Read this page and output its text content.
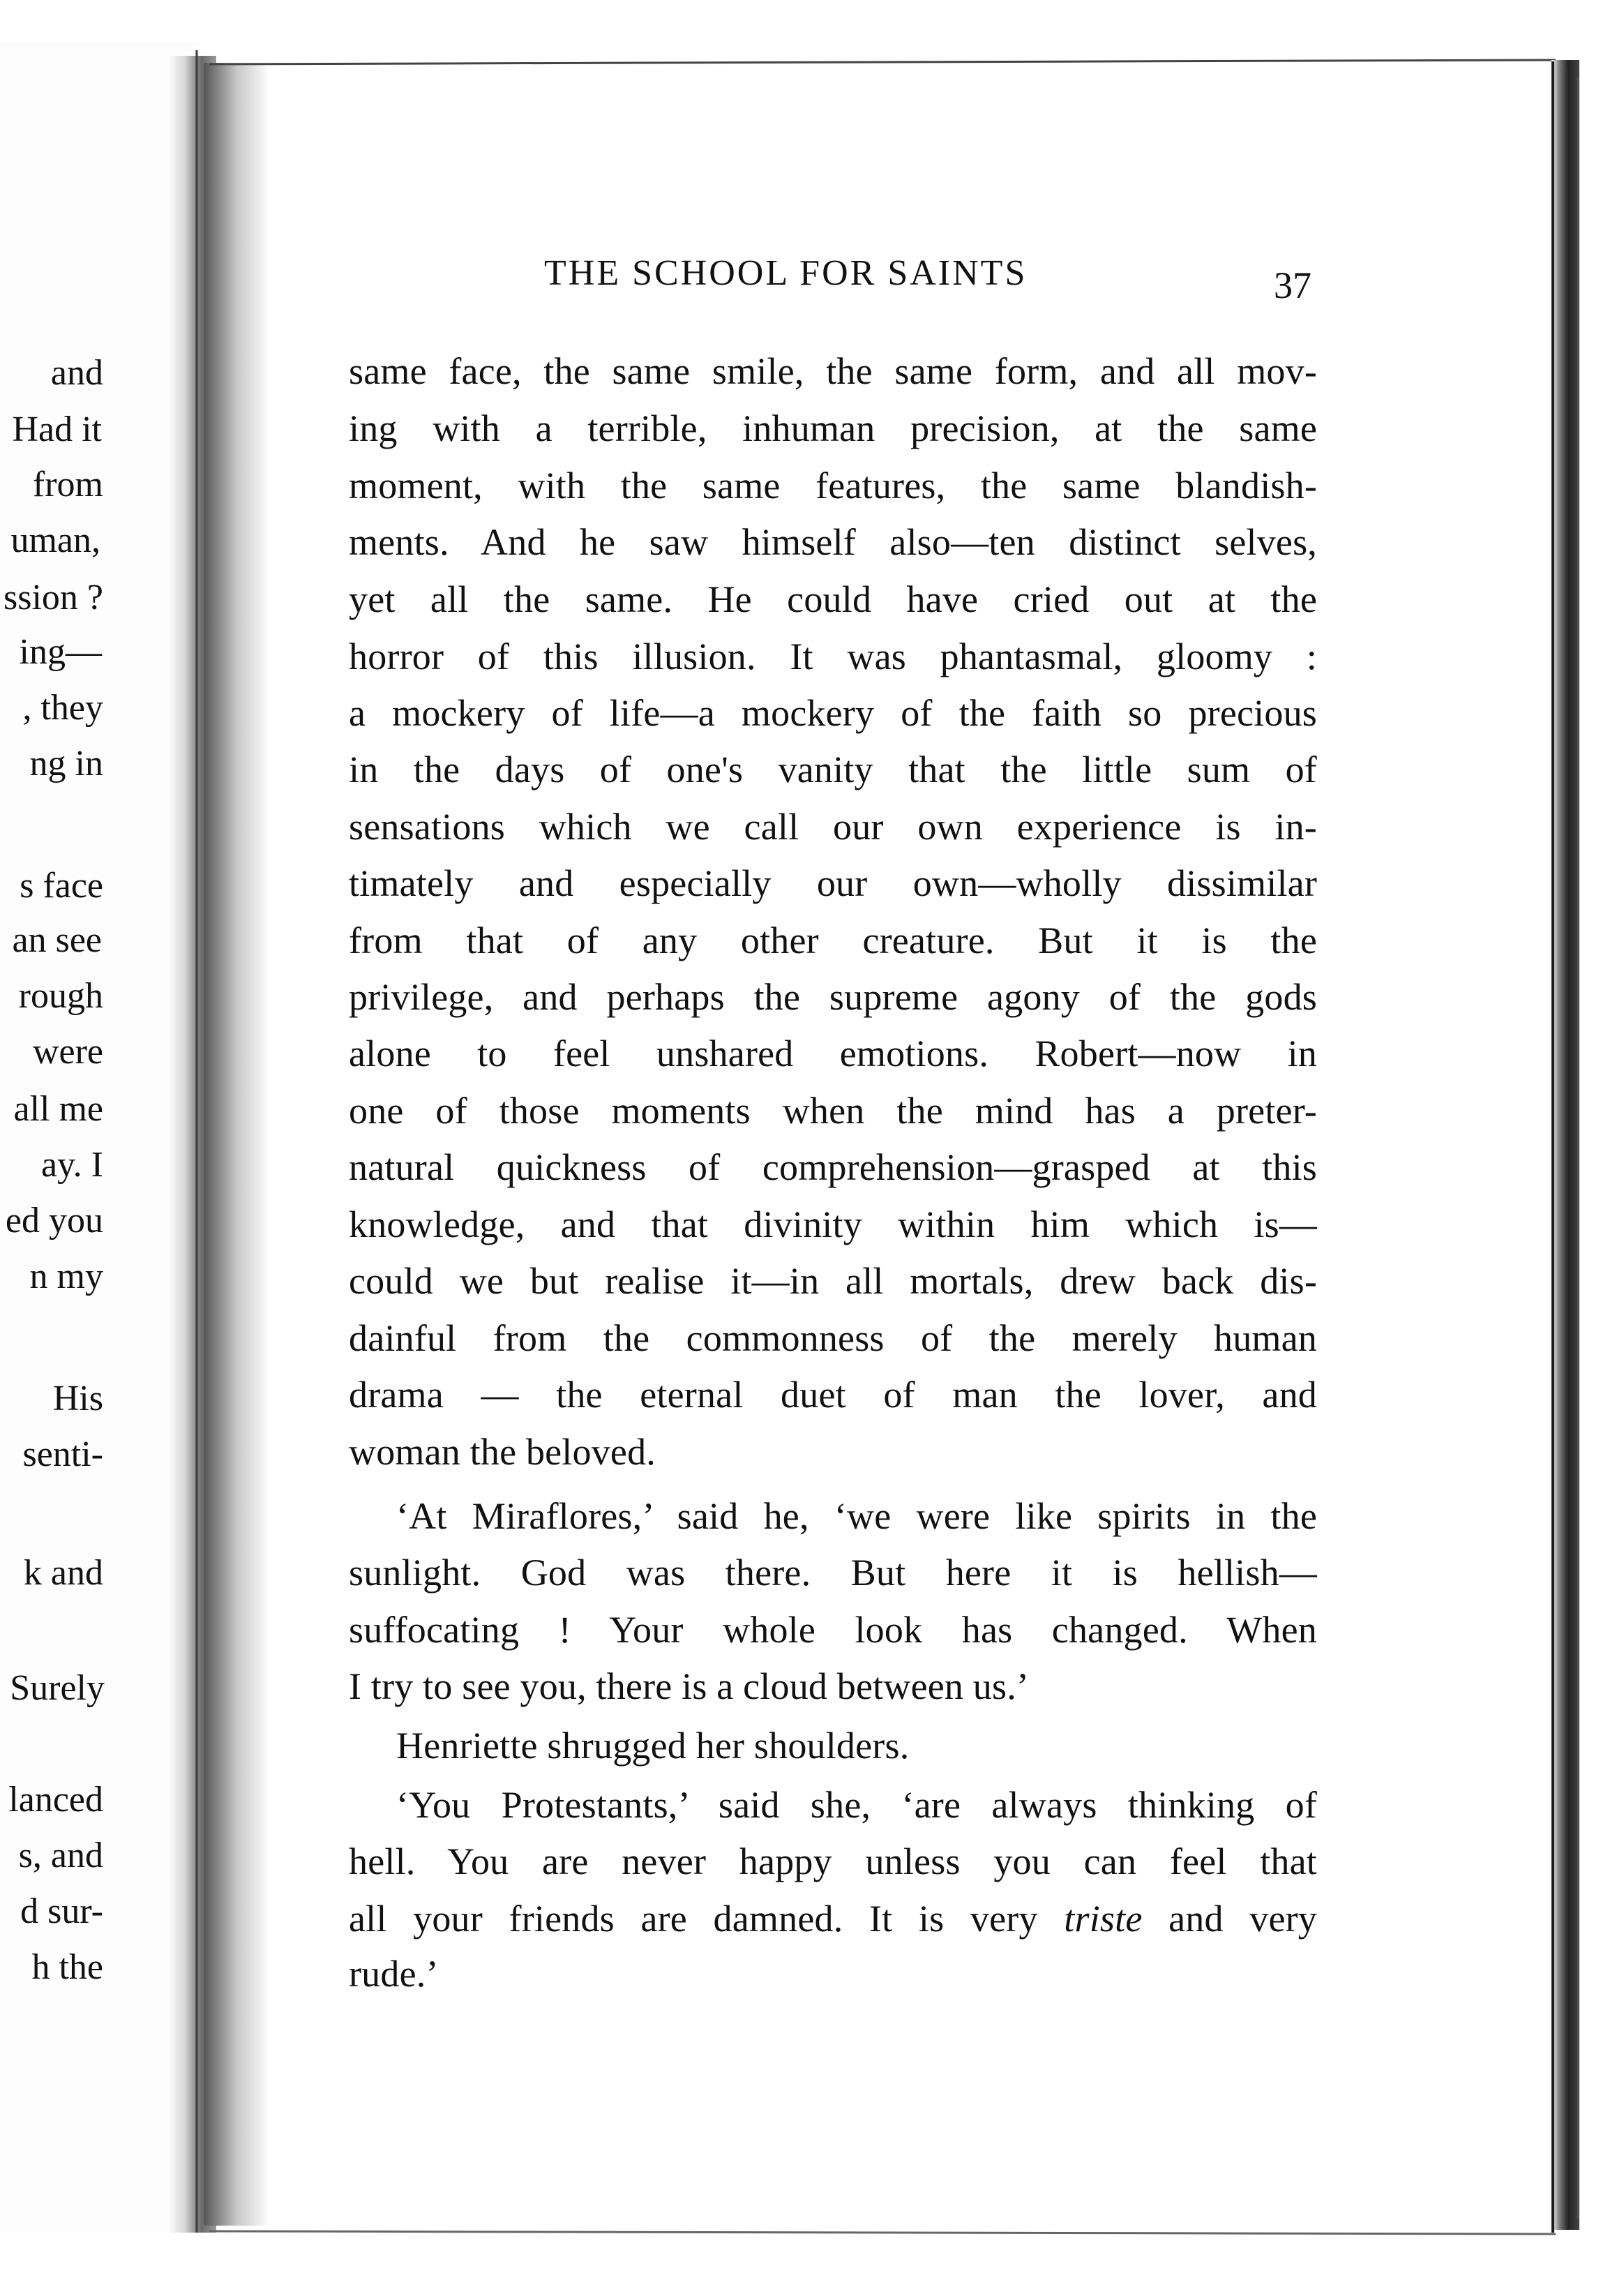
and
Had it
from
uman,
ssion ?
ing—
, they
ng in
s face
an see
rough
were
all me
ay. I
ed you
n my
His
senti-
k and
Surely
lanced
s, and
d sur-
h the
THE SCHOOL FOR SAINTS	37
same face, the same smile, the same form, and all mov-
ing with a terrible, inhuman precision, at the same
moment, with the same features, the same blandish-
ments. And he saw himself also—ten distinct selves,
yet all the same. He could have cried out at the
horror of this illusion. It was phantasmal, gloomy :
a mockery of life—a mockery of the faith so precious
in the days of one's vanity that the little sum of
sensations which we call our own experience is in-
timately and especially our own—wholly dissimilar
from that of any other creature. But it is the
privilege, and perhaps the supreme agony of the gods
alone to feel unshared emotions. Robert—now in
one of those moments when the mind has a preter-
natural quickness of comprehension—grasped at this
knowledge, and that divinity within him which is—
could we but realise it—in all mortals, drew back dis-
dainful from the commonness of the merely human
drama — the eternal duet of man the lover, and
woman the beloved.
‘At Miraflores,’ said he, ‘we were like spirits in the
sunlight. God was there. But here it is hellish—
suffocating ! Your whole look has changed. When
I try to see you, there is a cloud between us.’
Henriette shrugged her shoulders.
‘You Protestants,’ said she, ‘are always thinking of
hell. You are never happy unless you can feel that
all your friends are damned. It is very triste and very
rude.’
